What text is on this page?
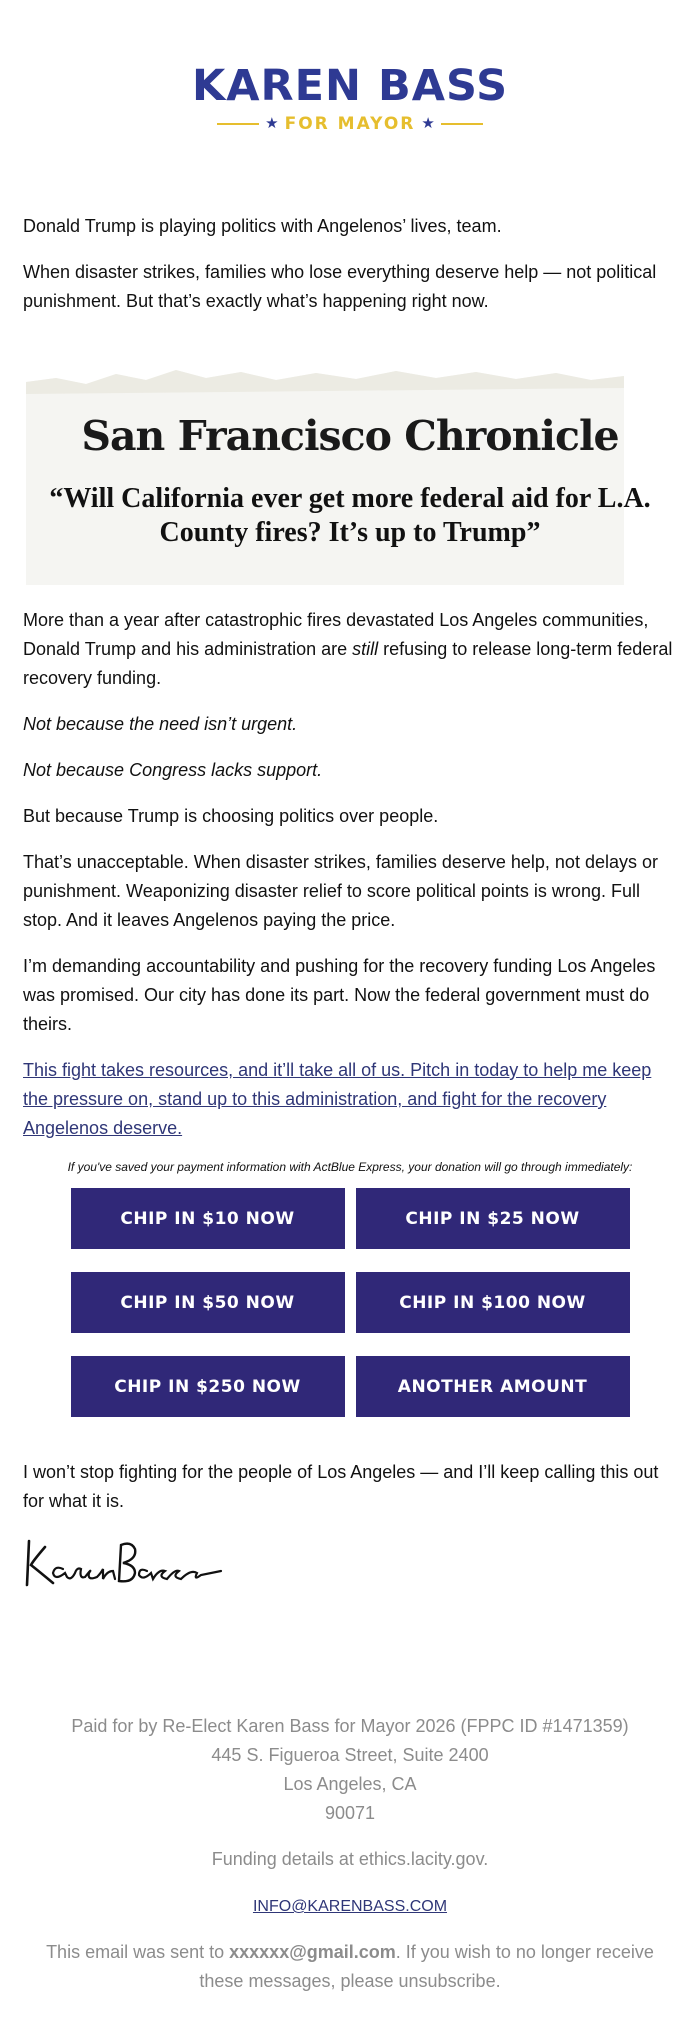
KAREN BASS
★ FOR MAYOR ★

Donald Trump is playing politics with Angelenos’ lives, team.

When disaster strikes, families who lose everything deserve help — not political punishment. But that’s exactly what’s happening right now.

San Francisco Chronicle
“Will California ever get more federal aid for L.A. County fires? It’s up to Trump”

More than a year after catastrophic fires devastated Los Angeles communities, Donald Trump and his administration are still refusing to release long-term federal recovery funding.

Not because the need isn’t urgent.

Not because Congress lacks support.

But because Trump is choosing politics over people.

That’s unacceptable. When disaster strikes, families deserve help, not delays or punishment. Weaponizing disaster relief to score political points is wrong. Full stop. And it leaves Angelenos paying the price.

I’m demanding accountability and pushing for the recovery funding Los Angeles was promised. Our city has done its part. Now the federal government must do theirs.

This fight takes resources, and it’ll take all of us. Pitch in today to help me keep the pressure on, stand up to this administration, and fight for the recovery Angelenos deserve.
If you've saved your payment information with ActBlue Express, your donation will go through immediately:
CHIP IN $10 NOW	CHIP IN $25 NOW
CHIP IN $50 NOW	CHIP IN $100 NOW
CHIP IN $250 NOW	ANOTHER AMOUNT

I won’t stop fighting for the people of Los Angeles — and I’ll keep calling this out for what it is.

Paid for by Re-Elect Karen Bass for Mayor 2026 (FPPC ID #1471359)
445 S. Figueroa Street, Suite 2400
Los Angeles, CA
90071
Funding details at ethics.lacity.gov.
INFO@KARENBASS.COM
This email was sent to xxxxxx@gmail.com. If you wish to no longer receive these messages, please unsubscribe.
